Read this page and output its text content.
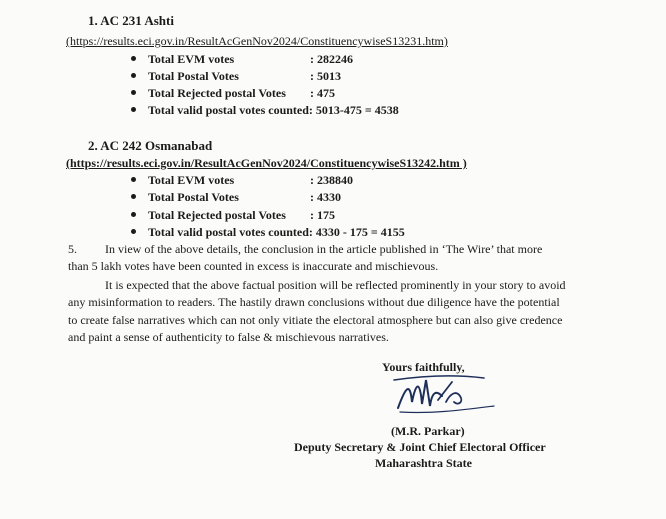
1. AC 231 Ashti
(https://results.eci.gov.in/ResultAcGenNov2024/ConstituencywiseS13231.htm)
Total EVM votes	: 282246
Total Postal Votes	: 5013
Total Rejected postal Votes : 475
Total valid postal votes counted: 5013-475 = 4538
2. AC 242 Osmanabad
(https://results.eci.gov.in/ResultAcGenNov2024/ConstituencywiseS13242.htm )
Total EVM votes	: 238840
Total Postal Votes	: 4330
Total Rejected postal Votes : 175
Total valid postal votes counted: 4330 - 175 = 4155
5. In view of the above details, the conclusion in the article published in ‘The Wire’ that more
than 5 lakh votes have been counted in excess is inaccurate and mischievous.
It is expected that the above factual position will be reflected prominently in your story to avoid
any misinformation to readers. The hastily drawn conclusions without due diligence have the potential
to create false narratives which can not only vitiate the electoral atmosphere but can also give credence
and paint a sense of authenticity to false & mischievous narratives.
Yours faithfully,
(M.R. Parkar)
Deputy Secretary & Joint Chief Electoral Officer
Maharashtra State
